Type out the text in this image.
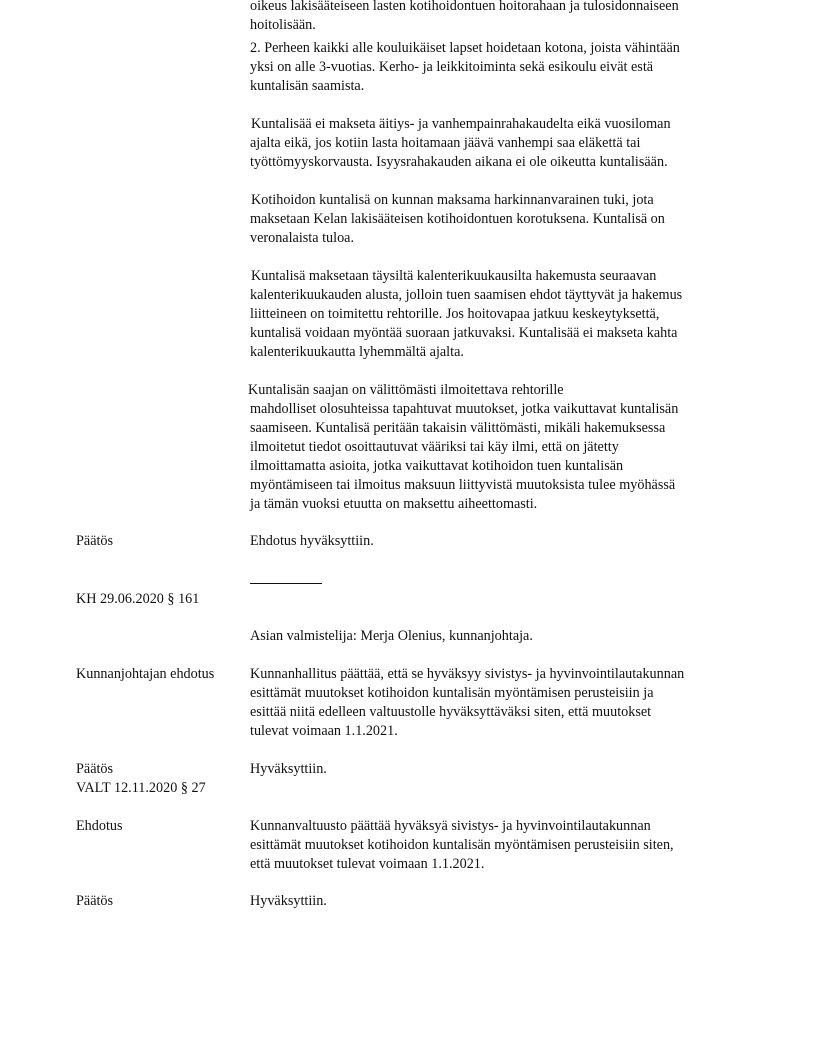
oikeus lakisääteiseen lasten kotihoidontuen hoitorahaan ja tulosidonnaiseen
hoitolisään.
2. Perheen kaikki alle kouluikäiset lapset hoidetaan kotona, joista vähintään
yksi on alle 3-vuotias. Kerho- ja leikkitoiminta sekä esikoulu eivät estä
kuntalisän saamista.
Kuntalisää ei makseta äitiys- ja vanhempainrahakaudelta eikä vuosiloman
ajalta eikä, jos kotiin lasta hoitamaan jäävä vanhempi saa eläkettä tai
työttömyyskorvausta. Isyysrahakauden aikana ei ole oikeutta kuntalisään.
Kotihoidon kuntalisä on kunnan maksama harkinnanvarainen tuki, jota
maksetaan Kelan lakisääteisen kotihoidontuen korotuksena. Kuntalisä on
veronalaista tuloa.
Kuntalisä maksetaan täysiltä kalenterikuukausilta hakemusta seuraavan
kalenterikuukauden alusta, jolloin tuen saamisen ehdot täyttyvät ja hakemus
liitteineen on toimitettu rehtorille. Jos hoitovapaa jatkuu keskeytyksettä,
kuntalisä voidaan myöntää suoraan jatkuvaksi. Kuntalisää ei makseta kahta
kalenterikuukautta lyhemmältä ajalta.
Kuntalisän saajan on välittömästi ilmoitettava rehtorille
mahdolliset olosuhteissa tapahtuvat muutokset, jotka vaikuttavat kuntalisän
saamiseen. Kuntalisä peritään takaisin välittömästi, mikäli hakemuksessa
ilmoitetut tiedot osoittautuvat vääriksi tai käy ilmi, että on jätetty
ilmoittamatta asioita, jotka vaikuttavat kotihoidon tuen kuntalisän
myöntämiseen tai ilmoitus maksuun liittyvistä muutoksista tulee myöhässä
ja tämän vuoksi etuutta on maksettu aiheettomasti.
Päätös	Ehdotus hyväksyttiin.
KH 29.06.2020 § 161
Asian valmistelija: Merja Olenius, kunnanjohtaja.
Kunnanjohtajan ehdotus	Kunnanhallitus päättää, että se hyväksyy sivistys- ja hyvinvointilautakunnan
esittämät muutokset kotihoidon kuntalisän myöntämisen perusteisiin ja
esittää niitä edelleen valtuustolle hyväksyttäväksi siten, että muutokset
tulevat voimaan 1.1.2021.
Päätös	Hyväksyttiin.
VALT 12.11.2020 § 27
Ehdotus	Kunnanvaltuusto päättää hyväksyä sivistys- ja hyvinvointilautakunnan
esittämät muutokset kotihoidon kuntalisän myöntämisen perusteisiin siten,
että muutokset tulevat voimaan 1.1.2021.
Päätös	Hyväksyttiin.
